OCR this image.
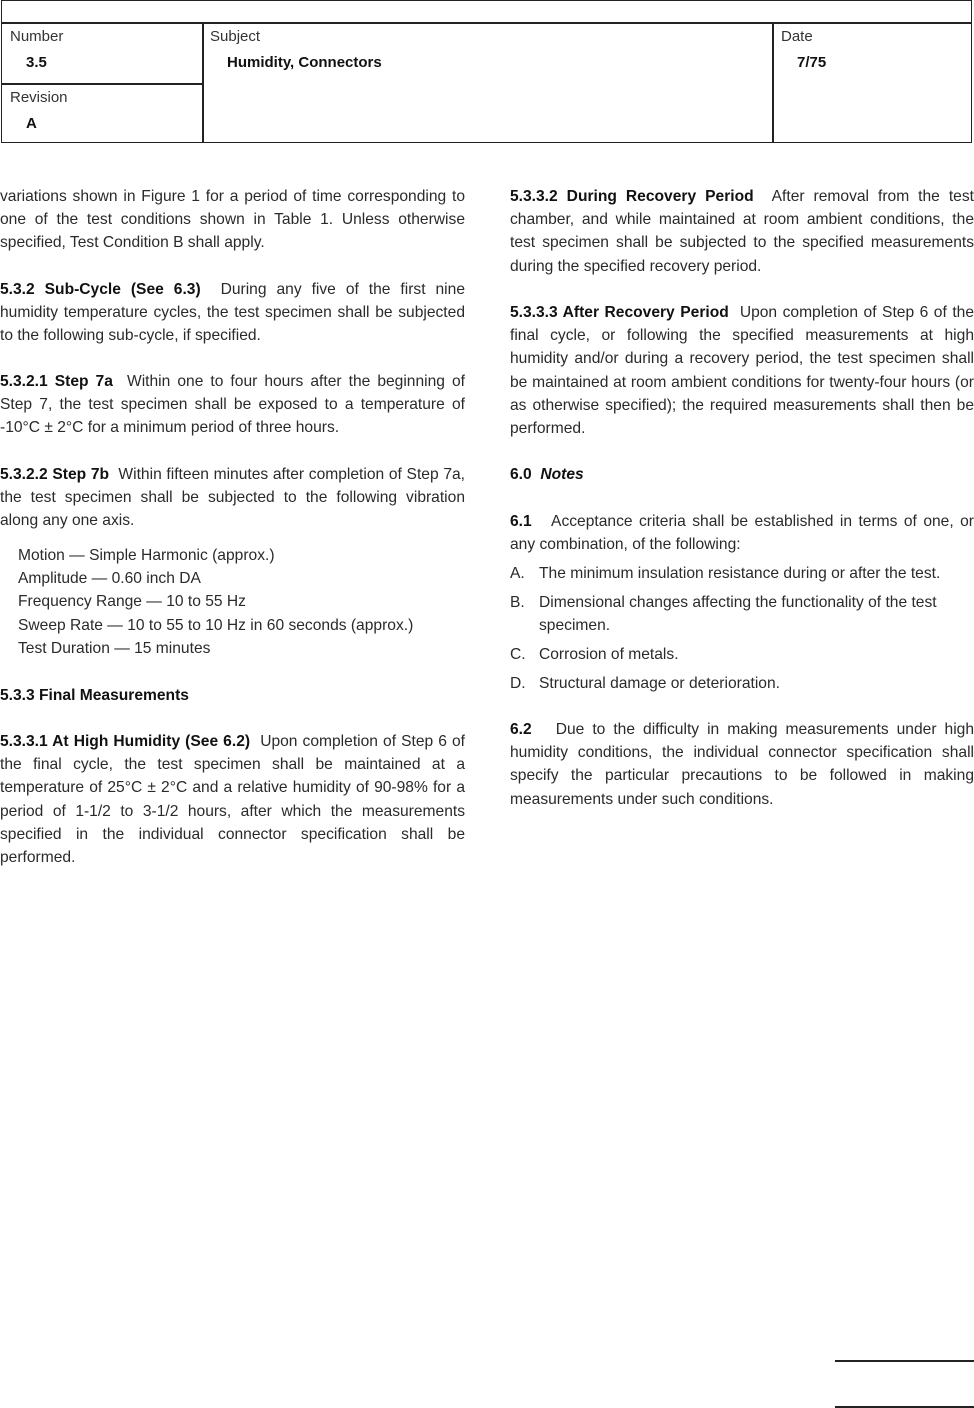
Number
3.5
Revision
A
Subject
Humidity, Connectors
Date
7/75

variations shown in Figure 1 for a period of time corresponding to one of the test conditions shown in Table 1. Unless otherwise specified, Test Condition B shall apply.

5.3.2 Sub-Cycle (See 6.3) During any five of the first nine humidity temperature cycles, the test specimen shall be subjected to the following sub-cycle, if specified.

5.3.2.1 Step 7a Within one to four hours after the beginning of Step 7, the test specimen shall be exposed to a temperature of -10°C ± 2°C for a minimum period of three hours.

5.3.2.2 Step 7b Within fifteen minutes after completion of Step 7a, the test specimen shall be subjected to the following vibration along any one axis.

Motion — Simple Harmonic (approx.)
Amplitude — 0.60 inch DA
Frequency Range — 10 to 55 Hz
Sweep Rate — 10 to 55 to 10 Hz in 60 seconds (approx.)
Test Duration — 15 minutes

5.3.3 Final Measurements

5.3.3.1 At High Humidity (See 6.2) Upon completion of Step 6 of the final cycle, the test specimen shall be maintained at a temperature of 25°C ± 2°C and a relative humidity of 90-98% for a period of 1-1/2 to 3-1/2 hours, after which the measurements specified in the individual connector specification shall be performed.

5.3.3.2 During Recovery Period After removal from the test chamber, and while maintained at room ambient conditions, the test specimen shall be subjected to the specified measurements during the specified recovery period.

5.3.3.3 After Recovery Period Upon completion of Step 6 of the final cycle, or following the specified measurements at high humidity and/or during a recovery period, the test specimen shall be maintained at room ambient conditions for twenty-four hours (or as otherwise specified); the required measurements shall then be performed.

6.0 Notes

6.1 Acceptance criteria shall be established in terms of one, or any combination, of the following:

A. The minimum insulation resistance during or after the test.
B. Dimensional changes affecting the functionality of the test specimen.
C. Corrosion of metals.
D. Structural damage or deterioration.

6.2 Due to the difficulty in making measurements under high humidity conditions, the individual connector specification shall specify the particular precautions to be followed in making measurements under such conditions.
